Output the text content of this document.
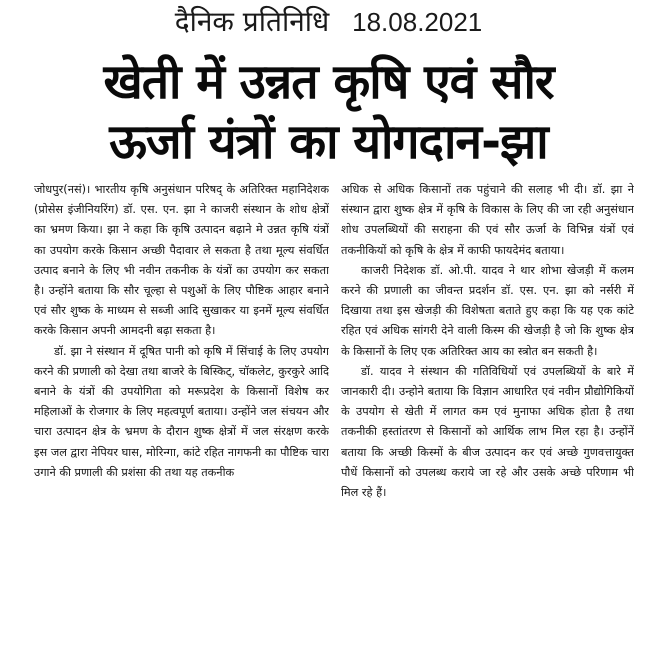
दैनिक प्रतिनिधि 18.08.2021
खेती में उन्नत कृषि एवं सौर
ऊर्जा यंत्रों का योगदान-झा

जोधपुर(नसं)। भारतीय कृषि अनुसंधान परिषद् के अतिरिक्त महानिदेशक (प्रोसेस इंजीनियरिंग) डॉ. एस. एन. झा ने काजरी संस्थान के शोध क्षेत्रों का भ्रमण किया। झा ने कहा कि कृषि उत्पादन बढ़ाने मे उन्नत कृषि यंत्रों का उपयोग करके किसान अच्छी पैदावार ले सकता है तथा मूल्य संवर्धित उत्पाद बनाने के लिए भी नवीन तकनीक के यंत्रों का उपयोग कर सकता है। उन्होंने बताया कि सौर चूल्हा से पशुओं के लिए पौष्टिक आहार बनाने एवं सौर शुष्क के माध्यम से सब्जी आदि सुखाकर या इनमें मूल्य संवर्धित करके किसान अपनी आमदनी बढ़ा सकता है।

डॉ. झा ने संस्थान में दूषित पानी को कृषि में सिंचाई के लिए उपयोग करने की प्रणाली को देखा तथा बाजरे के बिस्किट्, चॉकलेट, कुरकुरे आदि बनाने के यंत्रों की उपयोगिता को मरूप्रदेश के किसानों विशेष कर महिलाओं के रोजगार के लिए महत्वपूर्ण बताया। उन्होंने जल संचयन और चारा उत्पादन क्षेत्र के भ्रमण के दौरान शुष्क क्षेत्रों में जल संरक्षण करके इस जल द्वारा नेपियर घास, मोरिन्गा, कांटे रहित नागफनी का पौष्टिक चारा उगाने की प्रणाली की प्रशंसा की तथा यह तकनीक

अधिक से अधिक किसानों तक पहुंचाने की सलाह भी दी। डॉ. झा ने संस्थान द्वारा शुष्क क्षेत्र में कृषि के विकास के लिए की जा रही अनुसंधान शोध उपलब्धियों की सराहना की एवं सौर ऊर्जा के विभिन्न यंत्रों एवं तकनीकियों को कृषि के क्षेत्र में काफी फायदेमंद बताया।

काजरी निदेशक डॉ. ओ.पी. यादव ने थार शोभा खेजड़ी में कलम करने की प्रणाली का जीवन्त प्रदर्शन डॉ. एस. एन. झा को नर्सरी में दिखाया तथा इस खेजड़ी की विशेषता बताते हुए कहा कि यह एक कांटे रहित एवं अधिक सांगरी देने वाली किस्म की खेजड़ी है जो कि शुष्क क्षेत्र के किसानों के लिए एक अतिरिक्त आय का स्त्रोत बन सकती है।

डॉ. यादव ने संस्थान की गतिविधियों एवं उपलब्धियों के बारे में जानकारी दी। उन्होने बताया कि विज्ञान आधारित एवं नवीन प्रौद्योगिकियों के उपयोग से खेती में लागत कम एवं मुनाफा अधिक होता है तथा तकनीकी हस्तांतरण से किसानों को आर्थिक लाभ मिल रहा है। उन्होंनें बताया कि अच्छी किस्मों के बीज उत्पादन कर एवं अच्छे गुणवत्तायुक्त पौधें किसानों को उपलब्ध कराये जा रहे और उसके अच्छे परिणाम भी मिल रहे हैं।
